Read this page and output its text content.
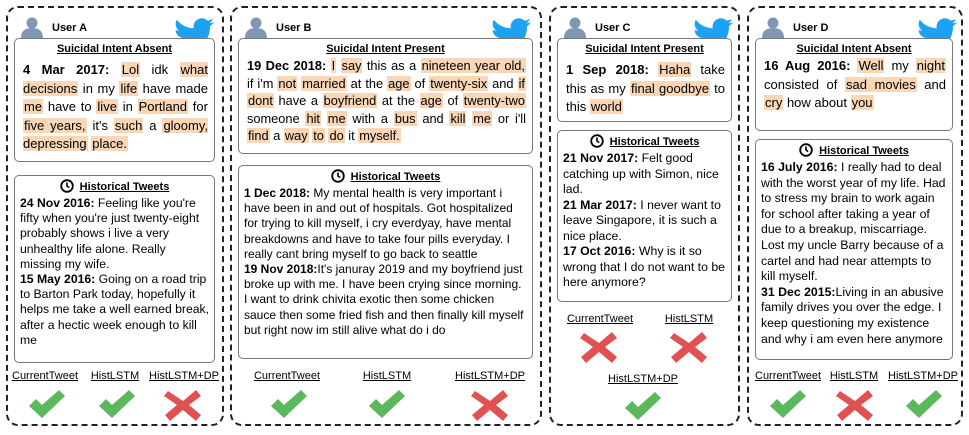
User A
Suicidal Intent Absent
4 Mar 2017: Lol idk what decisions in my life have made me have to live in Portland for five years, it's such a gloomy, depressing place.
Historical Tweets

24 Nov 2016: Feeling like you're fifty when you're just twenty-eight probably shows i live a very unhealthy life alone. Really missing my wife.

15 May 2016: Going on a road trip to Barton Park today, hopefully it helps me take a well earned break, after a hectic week enough to kill me

CurrentTweet	HistLSTM HistLSTM+DP
User B
Suicidal Intent Present
19 Dec 2018: I say this as a nineteen year old, if i'm not married at the age of twenty-six and if dont have a boyfriend at the age of twenty-two someone hit me with a bus and kill me or i'll find a way to do it myself.
Historical Tweets

1 Dec 2018: My mental health is very important i have been in and out of hospitals. Got hospitalized for trying to kill myself, i cry everdyay, have mental breakdowns and have to take four pills everyday. I really cant bring myself to go back to seattle

19 Nov 2018:It's januray 2019 and my boyfriend just broke up with me. I have been crying since morning. I want to drink chivita exotic then some chicken sauce then some fried fish and then finally kill myself but right now im still alive what do i do

CurrentTweet	HistLSTM	HistLSTM+DP
User C
Suicidal Intent Present
1 Sep 2018: Haha take this as my final goodbye to this world
Historical Tweets

21 Nov 2017: Felt good catching up with Simon, nice lad.

21 Mar 2017: I never want to leave Singapore, it is such a nice place.

17 Oct 2016: Why is it so wrong that I do not want to be here anymore?

CurrentTweet	HistLSTM
HistLSTM+DP
User D
Suicidal Intent Absent
16 Aug 2016: Well my night consisted of sad movies and cry how about you
Historical Tweets

16 July 2016: I really had to deal with the worst year of my life. Had to stress my brain to work again for school after taking a year of due to a breakup, miscarriage. Lost my uncle Barry because of a cartel and had near attempts to kill myself.

31 Dec 2015:Living in an abusive family drives you over the edge. I keep questioning my existence and why i am even here anymore

CurrentTweet HistLSTM HistLSTM+DP
